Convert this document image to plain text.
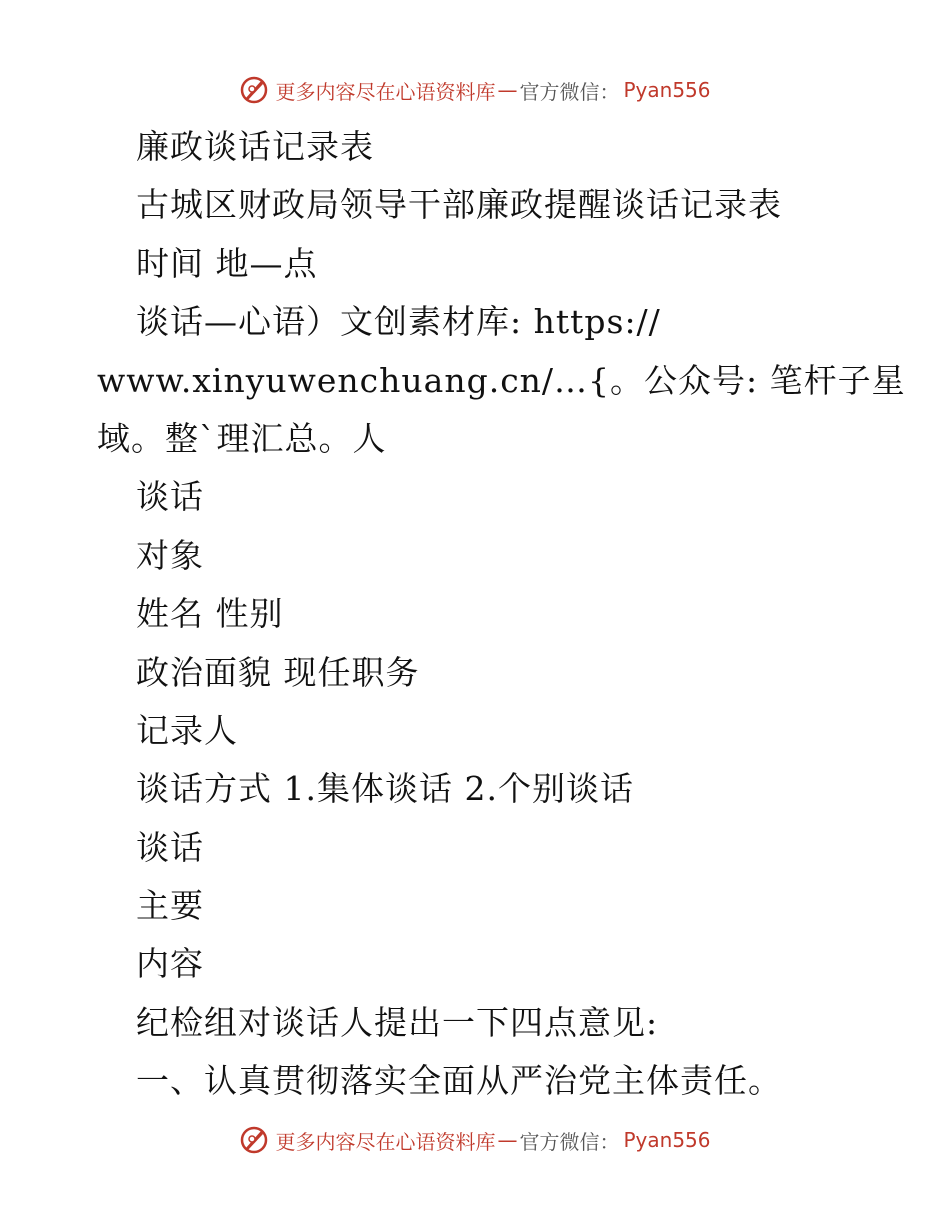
更多内容尽在心语资料库 — 官方微信： Pyan556
廉政谈话记录表
古城区财政局领导干部廉政提醒谈话记录表
时间 地—点
谈话—心语）文创素材库: https://
www.xinyuwenchuang.cn/…{。公众号: 笔杆子星
域。整ˋ理汇总。人
谈话
对象
姓名 性别
政治面貌 现任职务
记录人
谈话方式 1.集体谈话 2.个别谈话
谈话
主要
内容
纪检组对谈话人提出一下四点意见:
一、认真贯彻落实全面从严治党主体责任。
更多内容尽在心语资料库 — 官方微信： Pyan556
